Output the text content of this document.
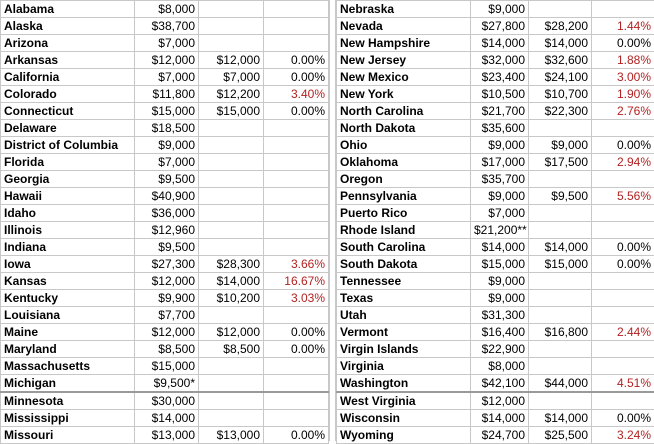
Alabama	$8,000		
Alaska	$38,700		
Arizona	$7,000		
Arkansas	$12,000	$12,000	0.00%
California	$7,000	$7,000	0.00%
Colorado	$11,800	$12,200	3.40%
Connecticut	$15,000	$15,000	0.00%
Delaware	$18,500		
District of Columbia	$9,000		
Florida	$7,000		
Georgia	$9,500		
Hawaii	$40,900		
Idaho	$36,000		
Illinois	$12,960		
Indiana	$9,500		
Iowa	$27,300	$28,300	3.66%
Kansas	$12,000	$14,000	16.67%
Kentucky	$9,900	$10,200	3.03%
Louisiana	$7,700		
Maine	$12,000	$12,000	0.00%
Maryland	$8,500	$8,500	0.00%
Massachusetts	$15,000		
Michigan	$9,500*		
Minnesota	$30,000		
Mississippi	$14,000		
Missouri	$13,000	$13,000	0.00%
Nebraska	$9,000		
Nevada	$27,800	$28,200	1.44%
New Hampshire	$14,000	$14,000	0.00%
New Jersey	$32,000	$32,600	1.88%
New Mexico	$23,400	$24,100	3.00%
New York	$10,500	$10,700	1.90%
North Carolina	$21,700	$22,300	2.76%
North Dakota	$35,600		
Ohio	$9,000	$9,000	0.00%
Oklahoma	$17,000	$17,500	2.94%
Oregon	$35,700		
Pennsylvania	$9,000	$9,500	5.56%
Puerto Rico	$7,000		
Rhode Island	$21,200**		
South Carolina	$14,000	$14,000	0.00%
South Dakota	$15,000	$15,000	0.00%
Tennessee	$9,000		
Texas	$9,000		
Utah	$31,300		
Vermont	$16,400	$16,800	2.44%
Virgin Islands	$22,900		
Virginia	$8,000		
Washington	$42,100	$44,000	4.51%
West Virginia	$12,000		
Wisconsin	$14,000	$14,000	0.00%
Wyoming	$24,700	$25,500	3.24%
